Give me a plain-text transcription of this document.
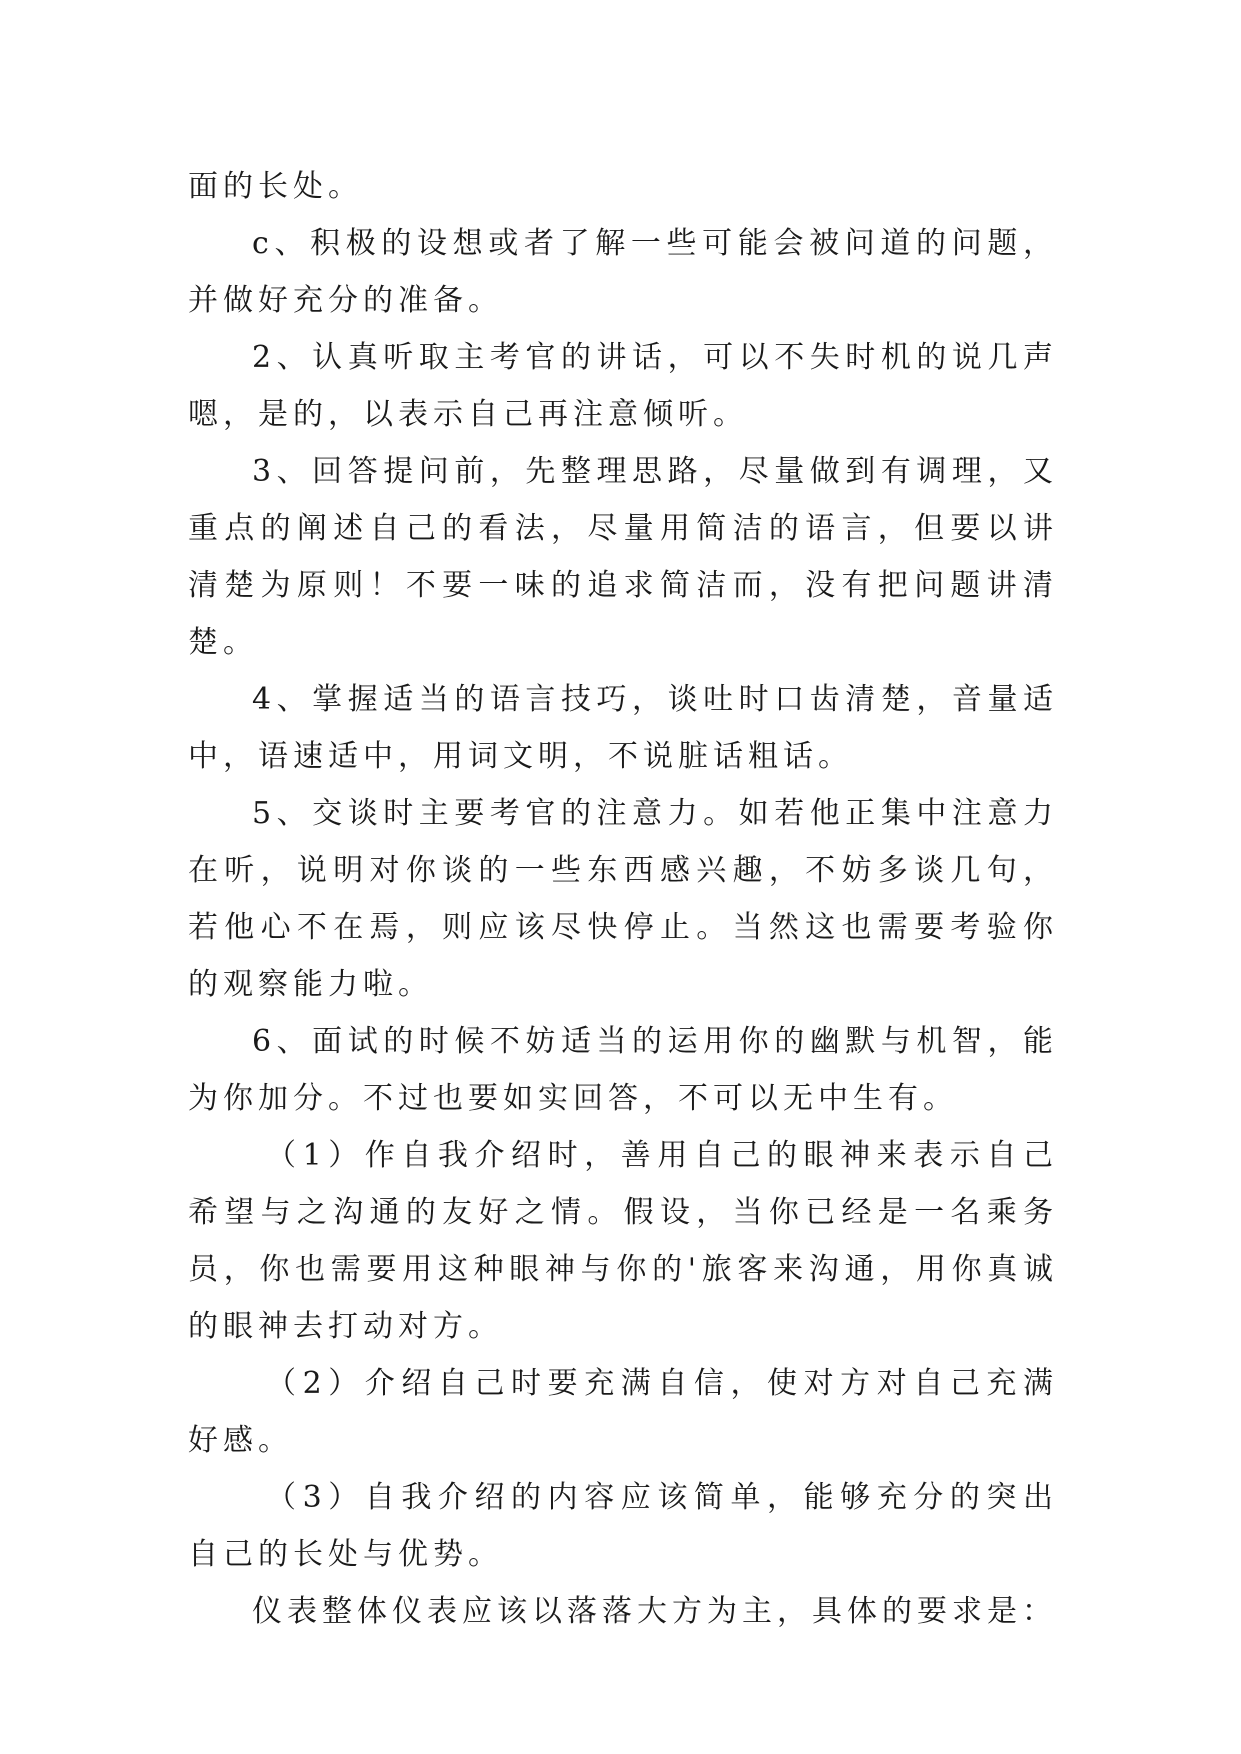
面的长处。

c、积极的设想或者了解一些可能会被问道的问题，并做好充分的准备。

2、认真听取主考官的讲话，可以不失时机的说几声嗯，是的，以表示自己再注意倾听。

3、回答提问前，先整理思路，尽量做到有调理，又重点的阐述自己的看法，尽量用简洁的语言，但要以讲清楚为原则！不要一味的追求简洁而，没有把问题讲清楚。

4、掌握适当的语言技巧，谈吐时口齿清楚，音量适中，语速适中，用词文明，不说脏话粗话。

5、交谈时主要考官的注意力。如若他正集中注意力在听，说明对你谈的一些东西感兴趣，不妨多谈几句，若他心不在焉，则应该尽快停止。当然这也需要考验你的观察能力啦。

6、面试的时候不妨适当的运用你的幽默与机智，能为你加分。不过也要如实回答，不可以无中生有。

（1）作自我介绍时，善用自己的眼神来表示自己希望与之沟通的友好之情。假设，当你已经是一名乘务员，你也需要用这种眼神与你的'旅客来沟通，用你真诚的眼神去打动对方。

（2）介绍自己时要充满自信，使对方对自己充满好感。

（3）自我介绍的内容应该简单，能够充分的突出自己的长处与优势。

仪表整体仪表应该以落落大方为主，具体的要求是：
